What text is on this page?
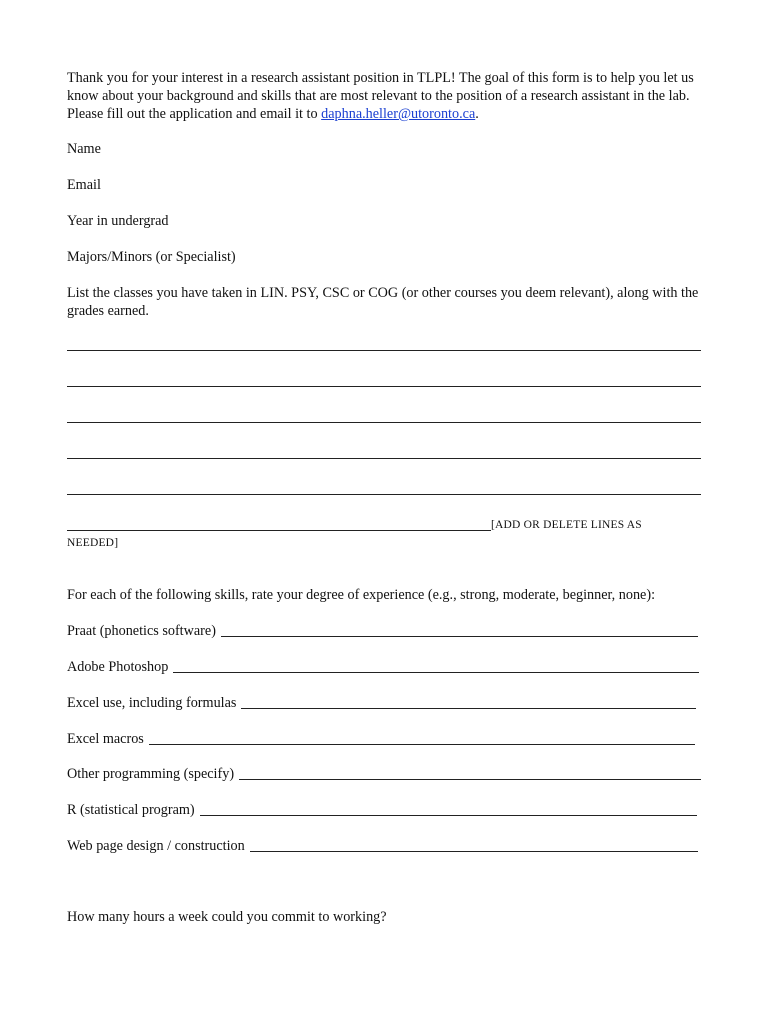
Thank you for your interest in a research assistant position in TLPL! The goal of this form is to help you let us know about your background and skills that are most relevant to the position of a research assistant in the lab. Please fill out the application and email it to daphna.heller@utoronto.ca.

Name

Email

Year in undergrad

Majors/Minors (or Specialist)

List the classes you have taken in LIN. PSY, CSC or COG (or other courses you deem relevant), along with the grades earned.

[ADD OR DELETE LINES AS
NEEDED]

For each of the following skills, rate your degree of experience (e.g., strong, moderate, beginner, none):

Praat (phonetics software)
Adobe Photoshop
Excel use, including formulas
Excel macros
Other programming (specify)
R (statistical program)
Web page design / construction

How many hours a week could you commit to working?
